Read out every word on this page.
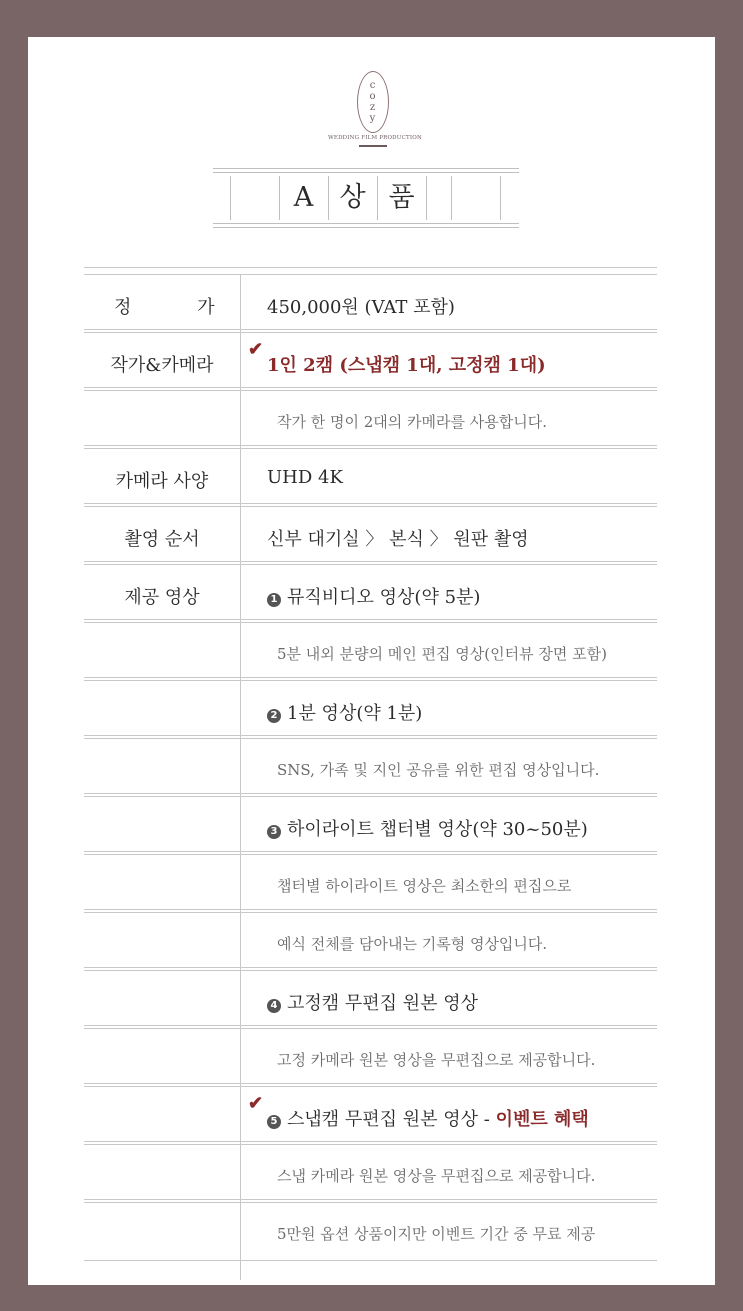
c
o
z
y
WEDDING FILM PRODUCTION
A 상 품
정 가 450,000원 (VAT 포함)
✔
작가&카메라	1인 2캠 (스냅캠 1대, 고정캠 1대)
작가 한 명이 2대의 카메라를 사용합니다.
카메라 사양	UHD 4K
촬영 순서	신부 대기실 〉 본식 〉 원판 촬영
제공 영상	1 뮤직비디오 영상(약 5분)
5분 내외 분량의 메인 편집 영상(인터뷰 장면 포함)
2 1분 영상(약 1분)
SNS, 가족 및 지인 공유를 위한 편집 영상입니다.
3 하이라이트 챕터별 영상(약 30~50분)
챕터별 하이라이트 영상은 최소한의 편집으로
예식 전체를 담아내는 기록형 영상입니다.
4 고정캠 무편집 원본 영상
고정 카메라 원본 영상을 무편집으로 제공합니다.
✔
5 스냅캠 무편집 원본 영상 - 이벤트 혜택
스냅 카메라 원본 영상을 무편집으로 제공합니다.
5만원 옵션 상품이지만 이벤트 기간 중 무료 제공
